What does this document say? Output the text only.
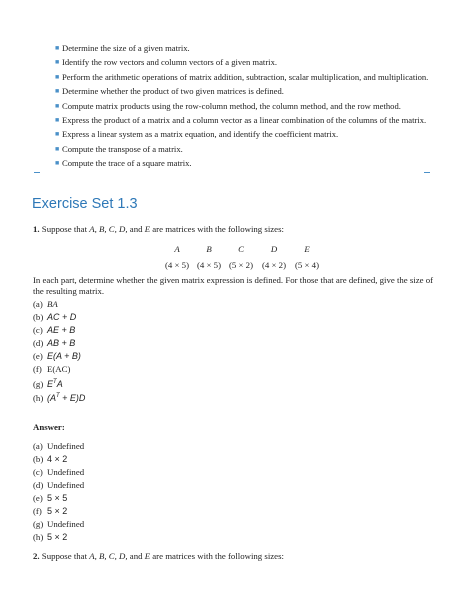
■ Determine the size of a given matrix.
■ Identify the row vectors and column vectors of a given matrix.
■ Perform the arithmetic operations of matrix addition, subtraction, scalar multiplication, and multiplication.
■ Determine whether the product of two given matrices is defined.
■ Compute matrix products using the row-column method, the column method, and the row method.
■ Express the product of a matrix and a column vector as a linear combination of the columns of the matrix.
■ Express a linear system as a matrix equation, and identify the coefficient matrix.
■ Compute the transpose of a matrix.
■ Compute the trace of a square matrix.
Exercise Set 1.3
1. Suppose that A, B, C, D, and E are matrices with the following sizes:
A
(4 × 5)
B
(4 × 5)
C
(5 × 2)
D
(4 × 2)
E
(5 × 4)
In each part, determine whether the given matrix expression is defined. For those that are defined, give the size of
the resulting matrix.
(a) BA
(b) AC + D
(c) AE + B
(d) AB + B
(e) E(A + B)
(f) E(AC)
(g) $E^TA$
(h) $(A^T + E)D$
Answer:
(a) Undefined
(b) 4 × 2
(c) Undefined
(d) Undefined
(e) 5 × 5
(f) 5 × 2
(g) Undefined
(h) 5 × 2
2. Suppose that A, B, C, D, and E are matrices with the following sizes:
